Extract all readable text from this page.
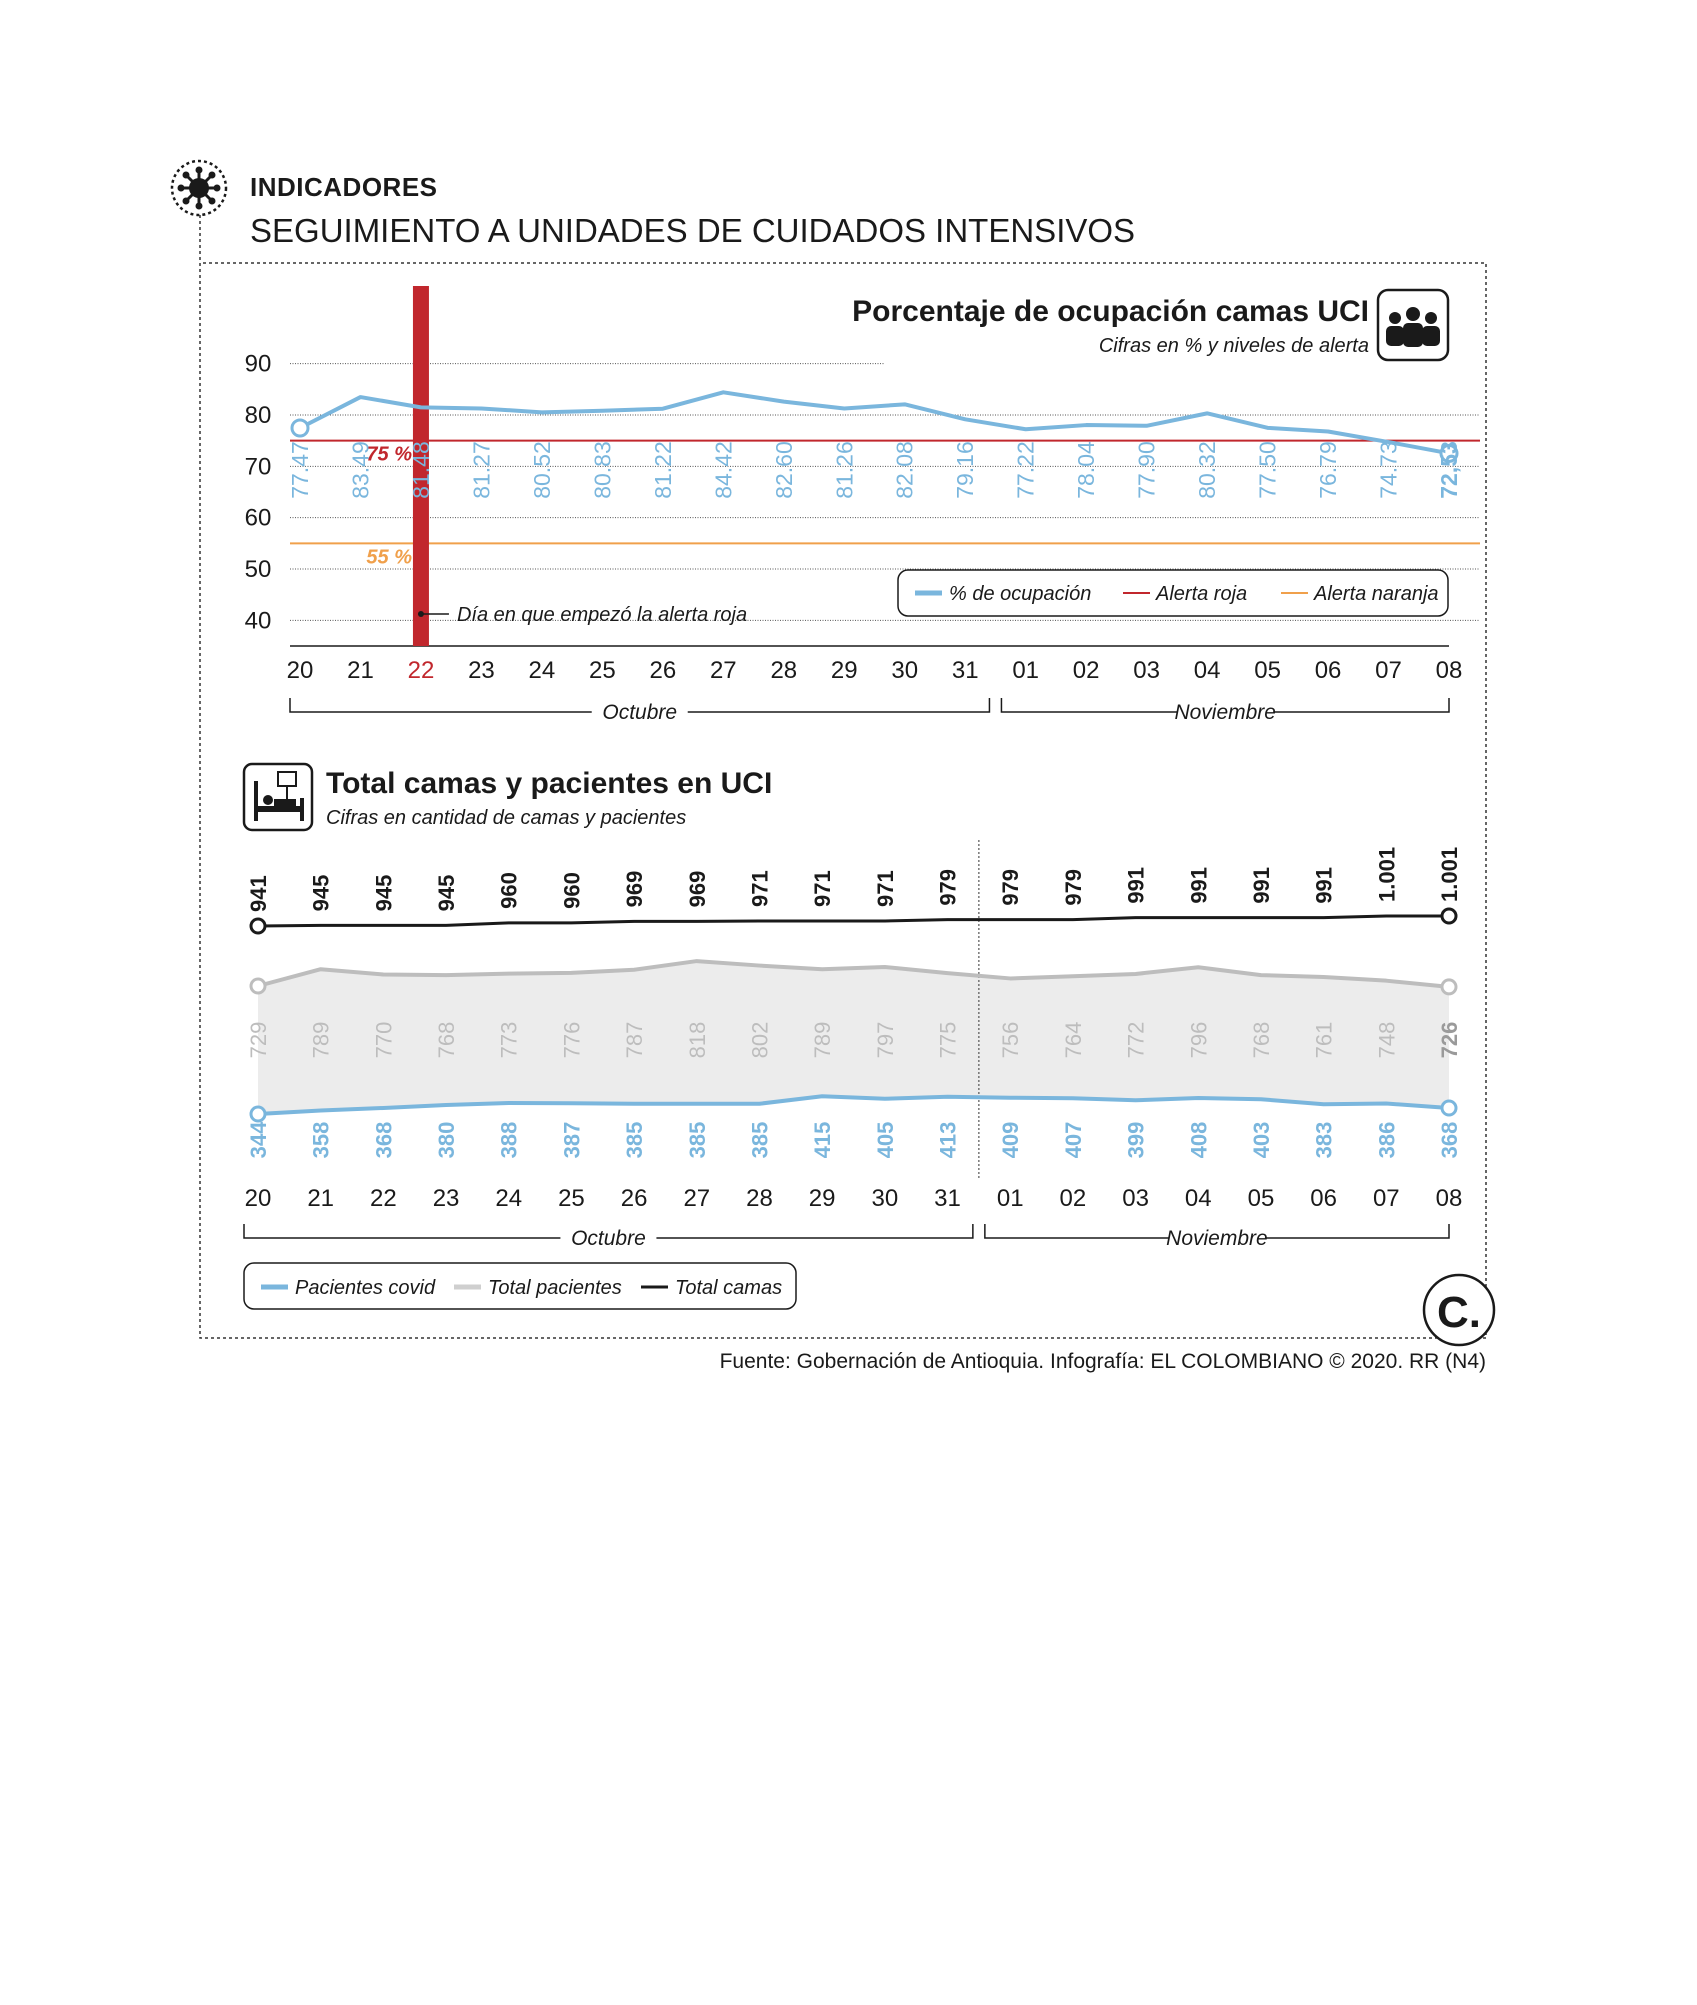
INDICADORES
SEGUIMIENTO A UNIDADES DE CUIDADOS INTENSIVOS
Porcentaje de ocupación camas UCI
Cifras en % y niveles de alerta
90
80
70
60
50
40
75 %
55 %
Día en que empezó la alerta roja
77.47 83.49 81.48 81.27 80.52 80.83 81.22 84.42 82.60 81.26 82.08 79.16 77.22 78.04 77.90 80.32 77.50 76.79 74.73 72,53
20 21 22 23 24 25 26 27 28 29 30 31 01 02 03 04 05 06 07 08
Octubre	Noviembre
% de ocupación	Alerta roja	Alerta naranja
Total camas y pacientes en UCI
Cifras en cantidad de camas y pacientes
941 945 945 945 960 960 969 969 971 971 971 979 979 979 991 991 991 991 1.001 1.001
729 789 770 768 773 776 787 818 802 789 797 775 756 764 772 796 768 761 748 726
344 358 368 380 388 387 385 385 385 415 405 413 409 407 399 408 403 383 386 368
20 21 22 23 24 25 26 27 28 29 30 31 01 02 03 04 05 06 07 08
Octubre	Noviembre
Pacientes covid	Total pacientes	Total camas	C.
Fuente: Gobernación de Antioquia. Infografía: EL COLOMBIANO © 2020. RR (N4)
